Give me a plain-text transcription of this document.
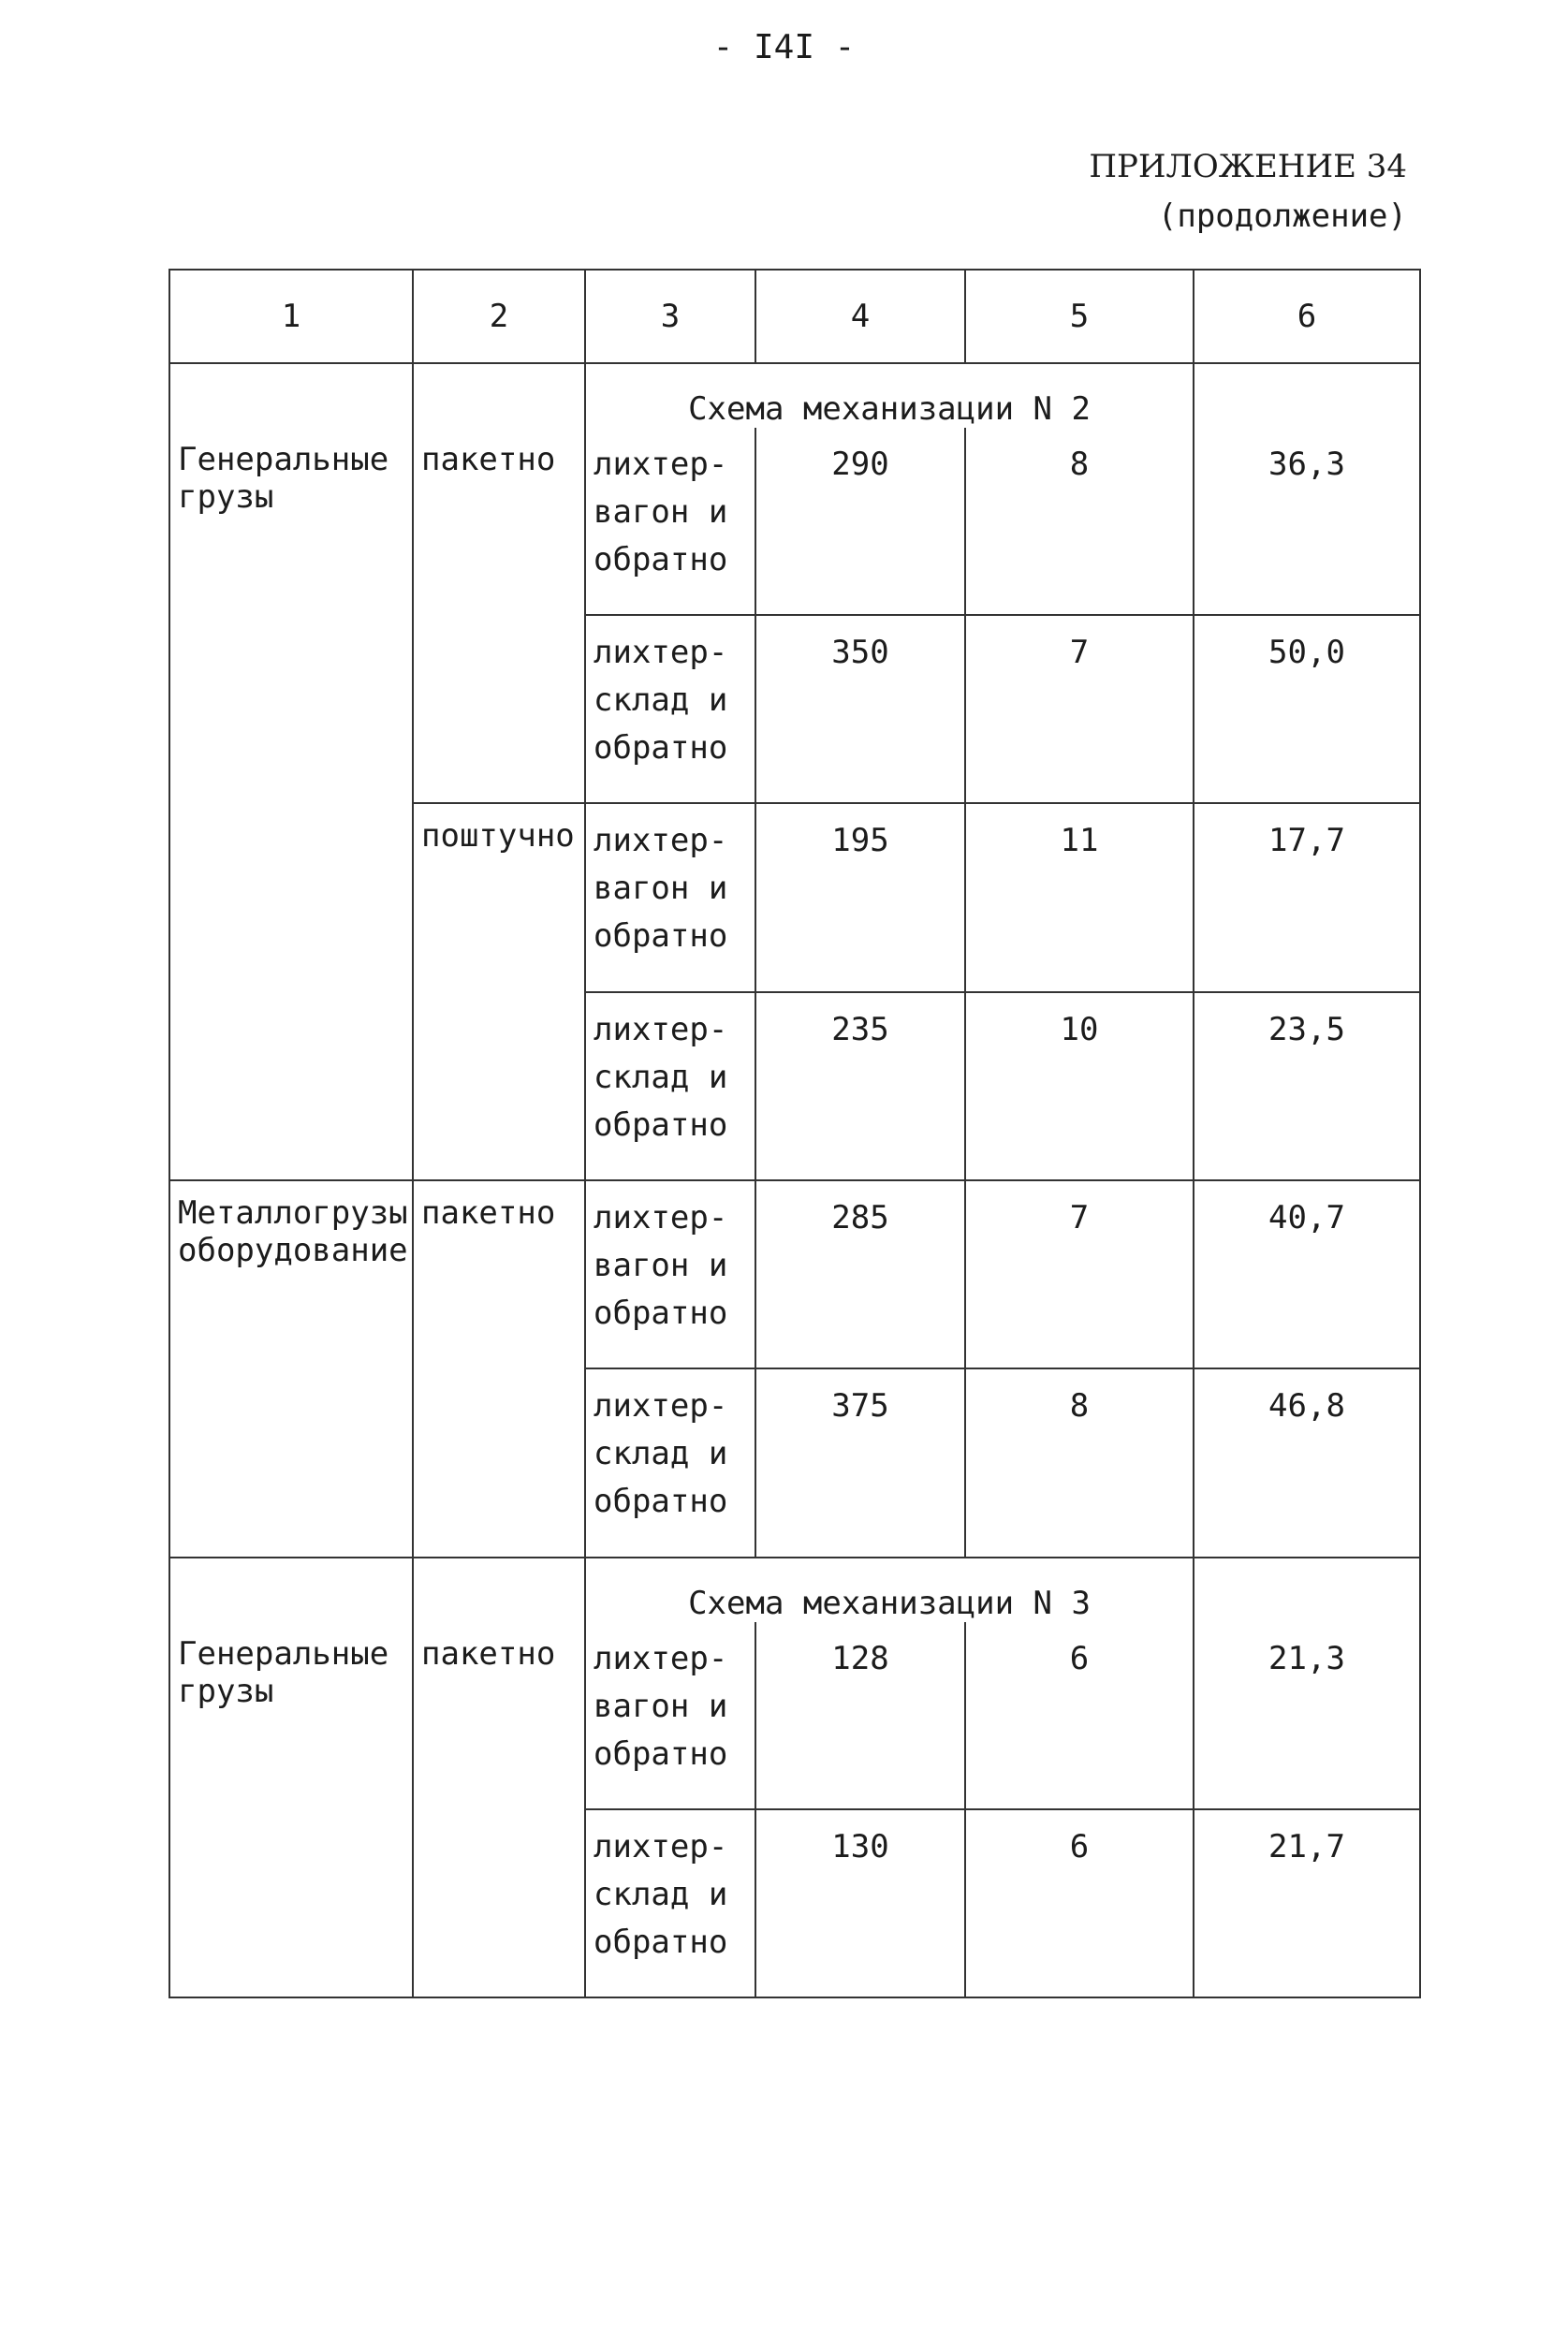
- I4I -
ПРИЛОЖЕНИЕ 34
(продолжение)
1	2	3	4	5	6
		Схема механизации N 2			
Генеральные грузы	пакетно	лихтер-вагон и обратно	290	8	36,3
		лихтер-склад и обратно	350	7	50,0
	поштучно	лихтер-вагон и обратно	195	11	17,7
		лихтер-склад и обратно	235	10	23,5
Металлогрузы оборудование	пакетно	лихтер-вагон и обратно	285	7	40,7
		лихтер-склад и обратно	375	8	46,8
		Схема механизации N 3			
Генеральные грузы	пакетно	лихтер-вагон и обратно	128	6	21,3
		лихтер-склад и обратно	130	6	21,7
